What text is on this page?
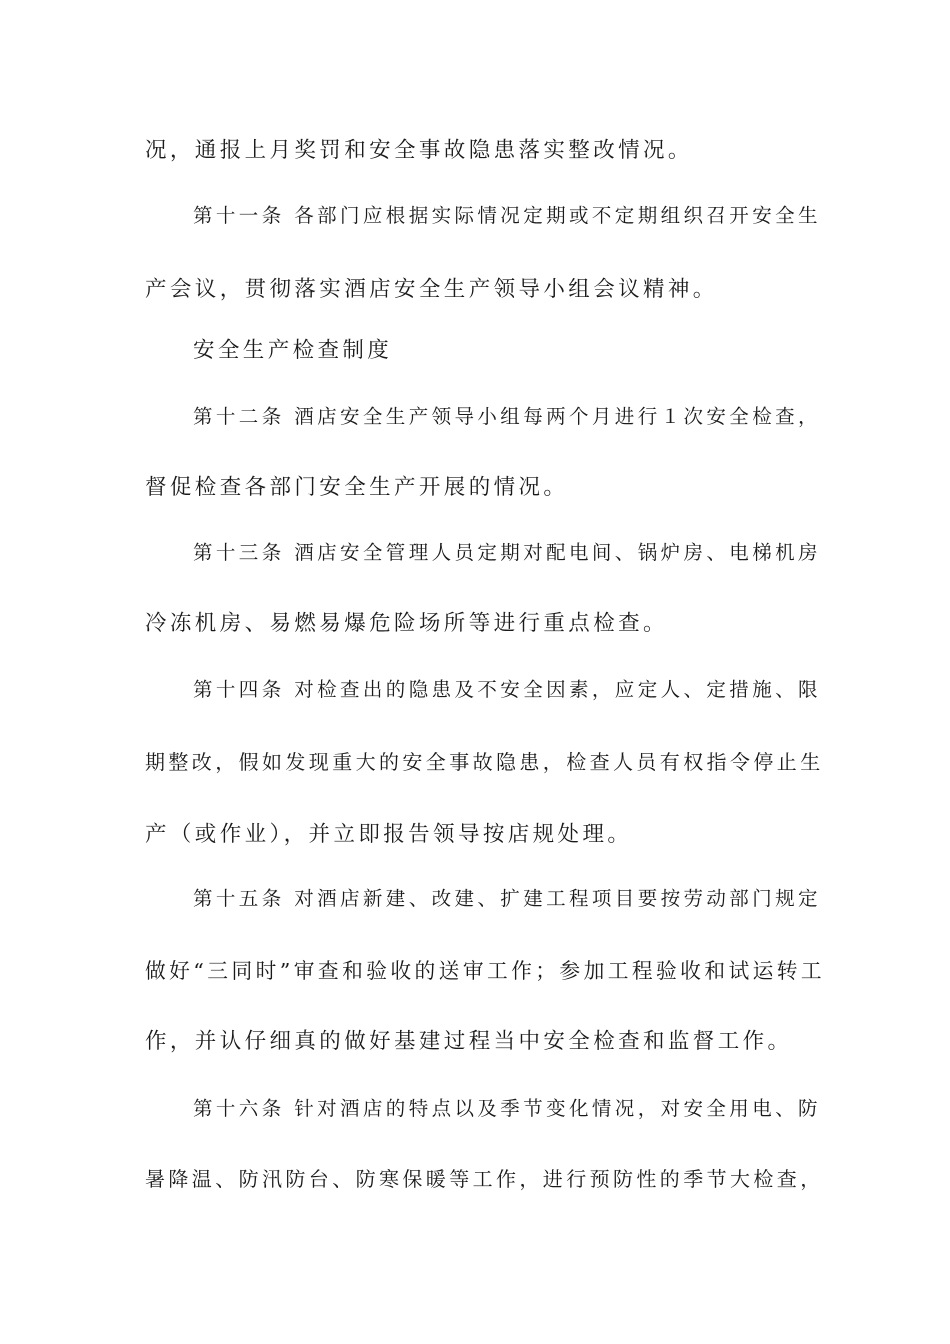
况，通报上月奖罚和安全事故隐患落实整改情况。
第十一条 各部门应根据实际情况定期或不定期组织召开安全生
产会议，贯彻落实酒店安全生产领导小组会议精神。
安全生产检查制度
第十二条 酒店安全生产领导小组每两个月进行１次安全检查，
督促检查各部门安全生产开展的情况。
第十三条 酒店安全管理人员定期对配电间、锅炉房、电梯机房
冷冻机房、易燃易爆危险场所等进行重点检查。
第十四条 对检查出的隐患及不安全因素，应定人、定措施、限
期整改，假如发现重大的安全事故隐患，检查人员有权指令停止生
产（或作业），并立即报告领导按店规处理。
第十五条 对酒店新建、改建、扩建工程项目要按劳动部门规定
做好“三同时”审查和验收的送审工作；参加工程验收和试运转工
作，并认仔细真的做好基建过程当中安全检查和监督工作。
第十六条 针对酒店的特点以及季节变化情况，对安全用电、防
暑降温、防汛防台、防寒保暖等工作，进行预防性的季节大检查，
